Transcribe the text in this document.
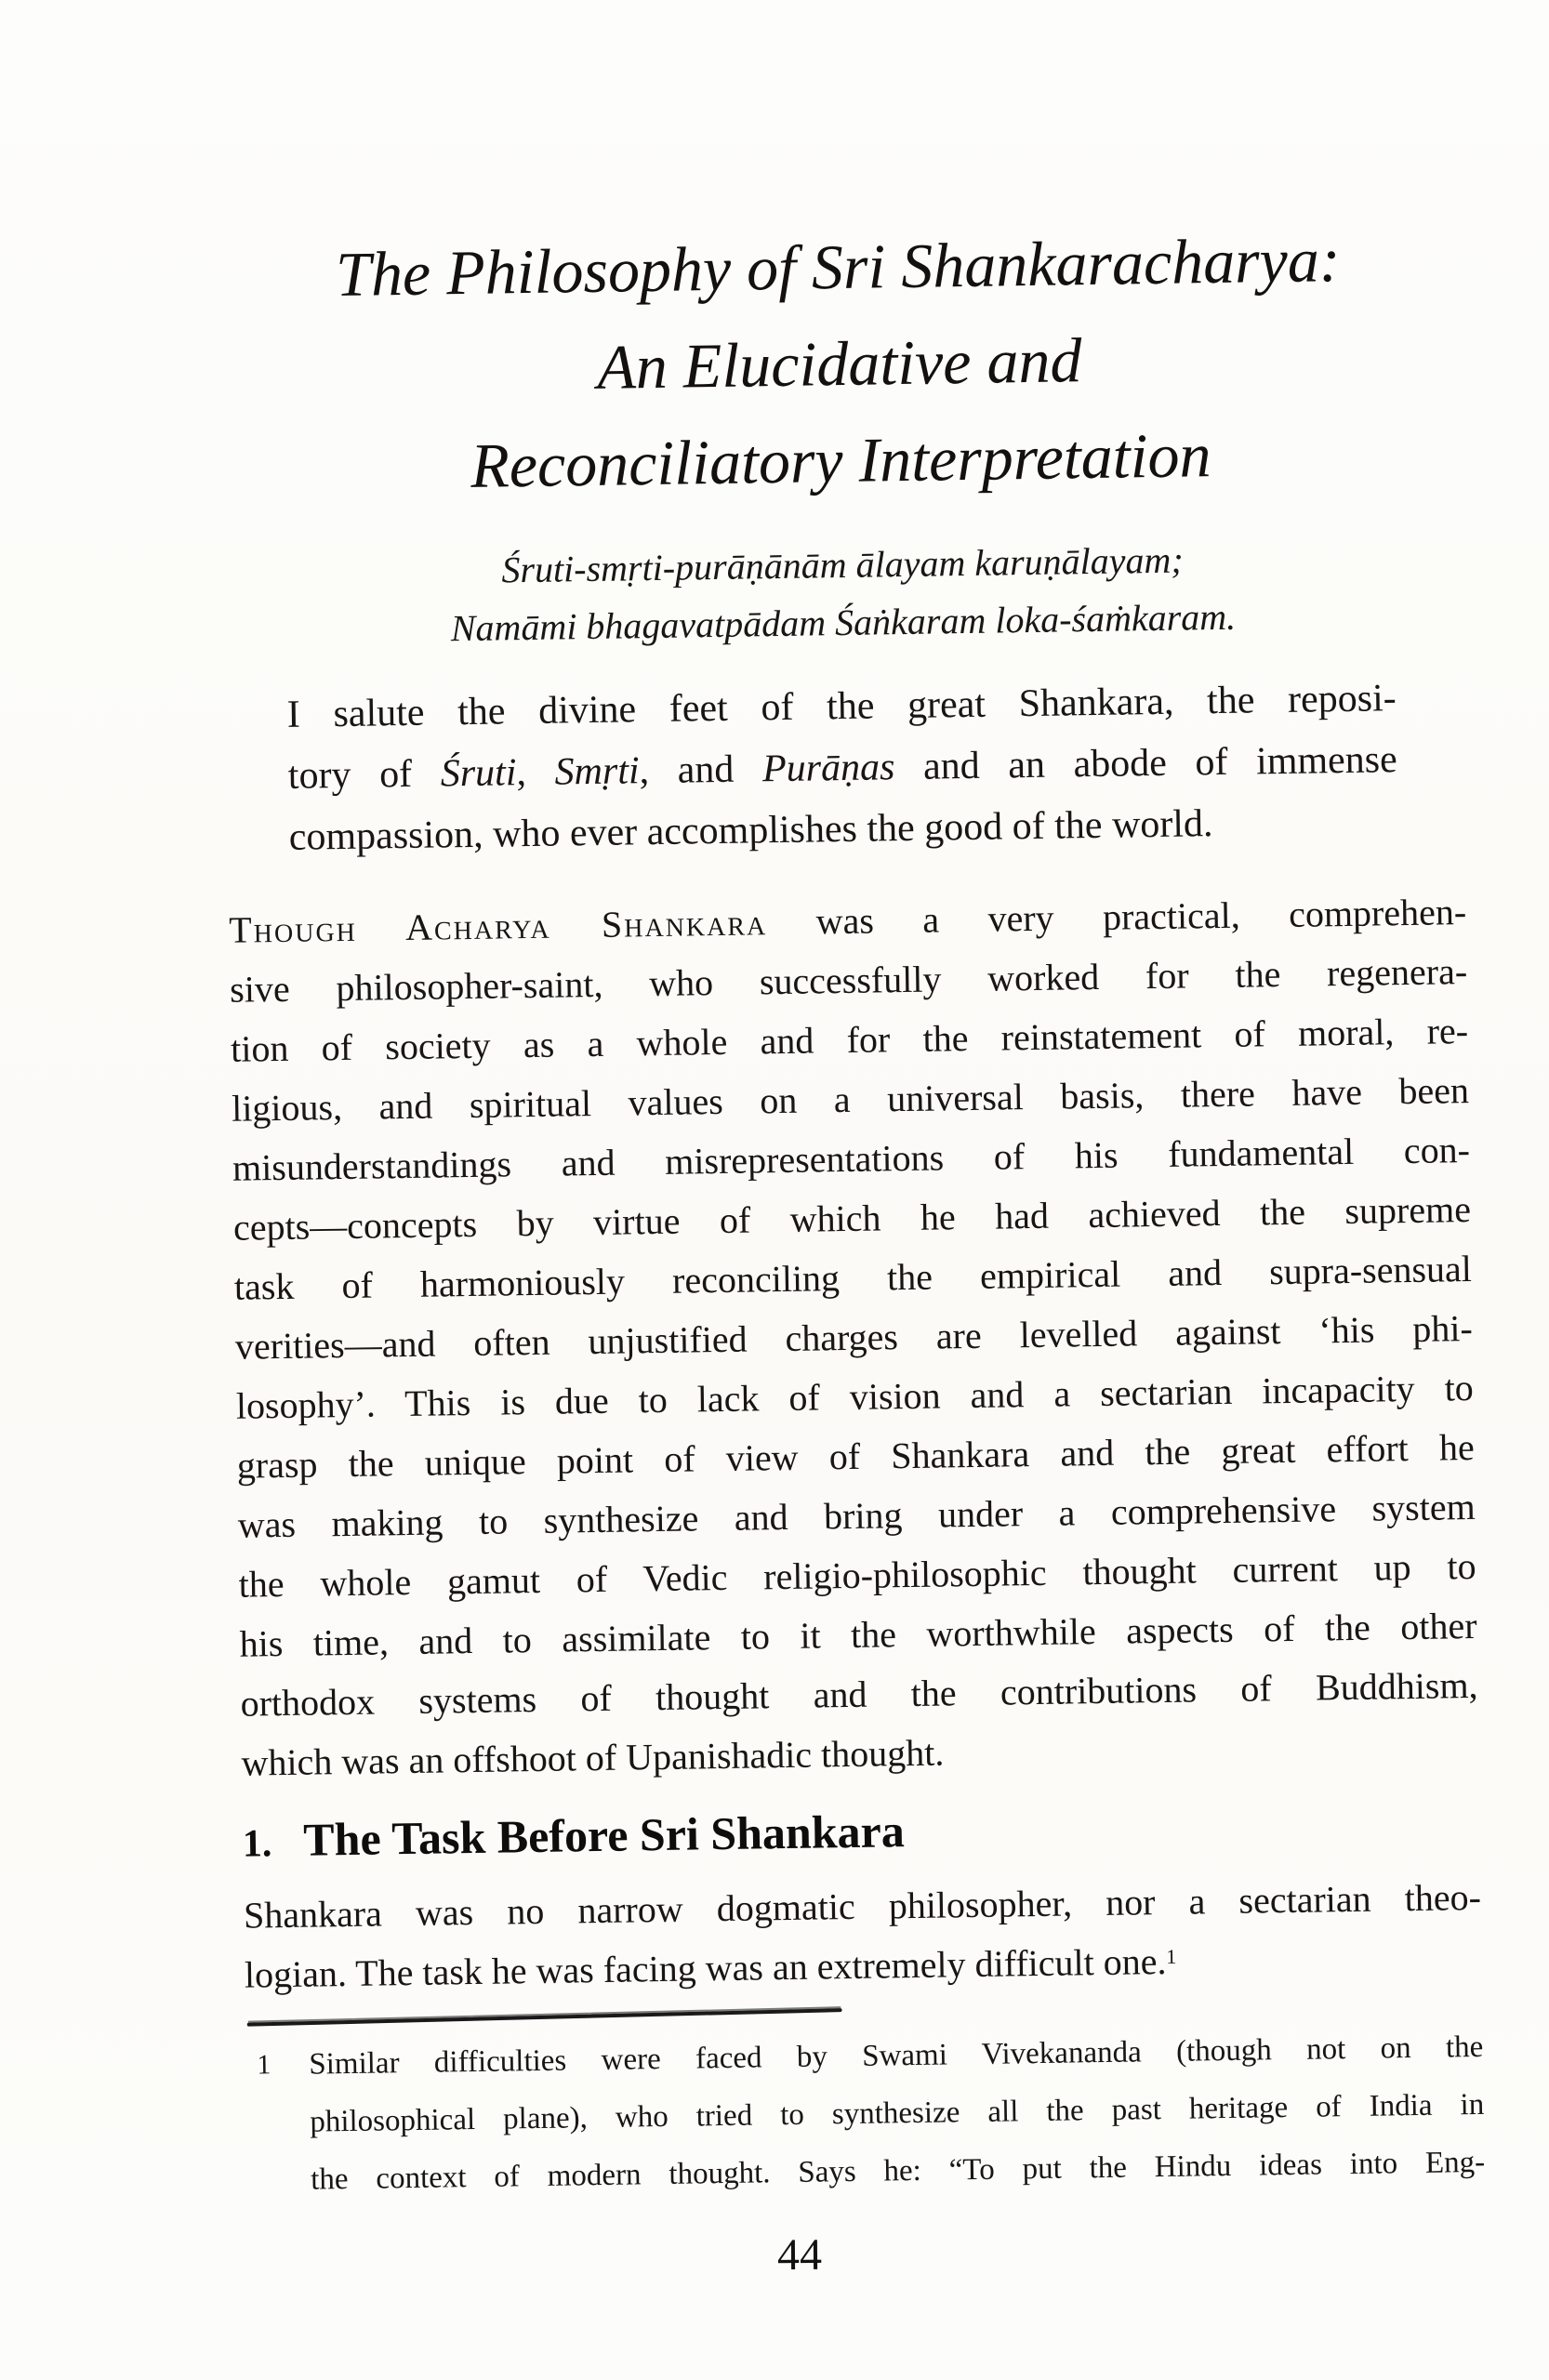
The Philosophy of Sri Shankaracharya:
An Elucidative and
Reconciliatory Interpretation
Śruti-smṛti-purāṇānām ālayam karuṇālayam;
Namāmi bhagavatpādam Śaṅkaram loka-śaṁkaram.
I salute the divine feet of the great Shankara, the reposi-
tory of Śruti, Smṛti, and Purāṇas and an abode of immense
compassion, who ever accomplishes the good of the world.
Though Acharya Shankara was a very practical, comprehen-
sive philosopher-saint, who successfully worked for the regenera-
tion of society as a whole and for the reinstatement of moral, re-
ligious, and spiritual values on a universal basis, there have been
misunderstandings and misrepresentations of his fundamental con-
cepts—concepts by virtue of which he had achieved the supreme
task of harmoniously reconciling the empirical and supra-sensual
verities—and often unjustified charges are levelled against ‘his phi-
losophy’. This is due to lack of vision and a sectarian incapacity to
grasp the unique point of view of Shankara and the great effort he
was making to synthesize and bring under a comprehensive system
the whole gamut of Vedic religio-philosophic thought current up to
his time, and to assimilate to it the worthwhile aspects of the other
orthodox systems of thought and the contributions of Buddhism,
which was an offshoot of Upanishadic thought.
1. The Task Before Sri Shankara
Shankara was no narrow dogmatic philosopher, nor a sectarian theo-
logian. The task he was facing was an extremely difficult one.$^1$
1 Similar difficulties were faced by Swami Vivekananda (though not on the
philosophical plane), who tried to synthesize all the past heritage of India in
the context of modern thought. Says he: “To put the Hindu ideas into Eng-
44
